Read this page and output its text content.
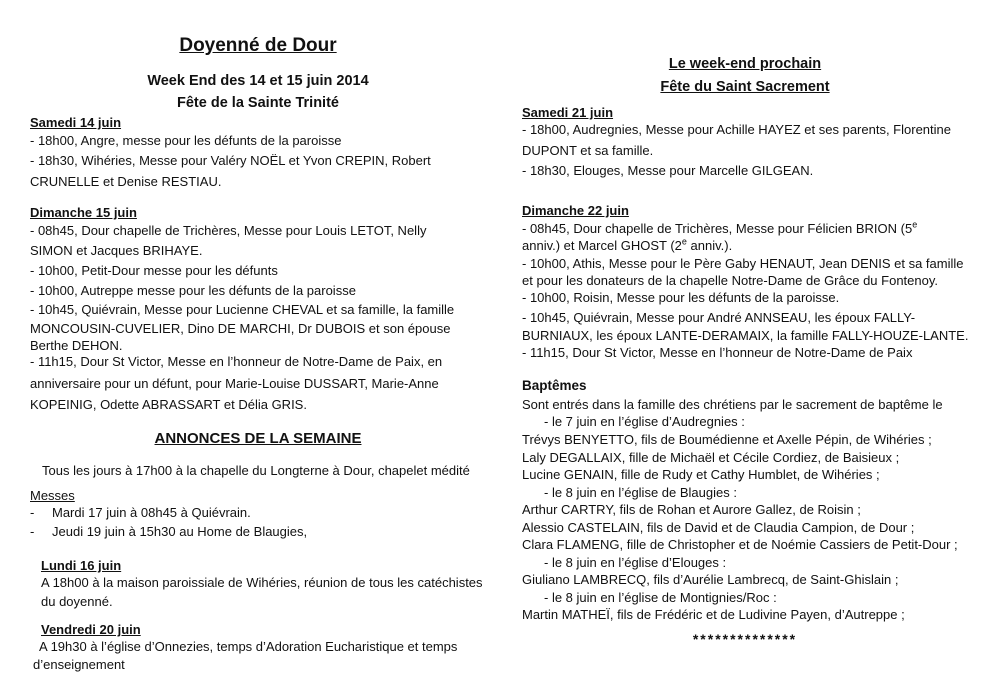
Doyenné de Dour
Week End des 14 et 15 juin 2014
Fête de la Sainte Trinité
Samedi 14 juin
- 18h00, Angre, messe pour les défunts de la paroisse
- 18h30, Wihéries, Messe pour Valéry NOËL et Yvon CREPIN, Robert
CRUNELLE et Denise RESTIAU.
Dimanche 15 juin
- 08h45, Dour chapelle de Trichères, Messe pour Louis LETOT, Nelly
SIMON et Jacques BRIHAYE.
- 10h00, Petit-Dour messe pour les défunts
- 10h00, Autreppe messe pour les défunts de la paroisse
- 10h45, Quiévrain, Messe pour Lucienne CHEVAL et sa famille, la famille
MONCOUSIN-CUVELIER, Dino DE MARCHI, Dr DUBOIS et son épouse
Berthe DEHON.
- 11h15, Dour St Victor, Messe en l’honneur de Notre-Dame de Paix, en
anniversaire pour un défunt, pour Marie-Louise DUSSART, Marie-Anne
KOPEINIG, Odette ABRASSART et Délia GRIS.
ANNONCES DE LA SEMAINE
Tous les jours à 17h00 à la chapelle du Longterne à Dour, chapelet médité
Messes
- Mardi 17 juin à 08h45 à Quiévrain.
- Jeudi 19 juin à 15h30 au Home de Blaugies,
Lundi 16 juin
A 18h00 à la maison paroissiale de Wihéries, réunion de tous les catéchistes
du doyenné.
Vendredi 20 juin
A 19h30 à l’église d’Onnezies, temps d’Adoration Eucharistique et temps
d’enseignement
Le week-end prochain
Fête du Saint Sacrement
Samedi 21 juin
- 18h00, Audregnies, Messe pour Achille HAYEZ et ses parents, Florentine
DUPONT et sa famille.
- 18h30, Elouges, Messe pour Marcelle GILGEAN.
Dimanche 22 juin
- 08h45, Dour chapelle de Trichères, Messe pour Félicien BRION (5e
anniv.) et Marcel GHOST (2e anniv.).
- 10h00, Athis, Messe pour le Père Gaby HENAUT, Jean DENIS et sa famille
et pour les donateurs de la chapelle Notre-Dame de Grâce du Fontenoy.
- 10h00, Roisin, Messe pour les défunts de la paroisse.
- 10h45, Quiévrain, Messe pour André ANNSEAU, les époux FALLY-
BURNIAUX, les époux LANTE-DERAMAIX, la famille FALLY-HOUZE-LANTE.
- 11h15, Dour St Victor, Messe en l’honneur de Notre-Dame de Paix
Baptêmes
Sont entrés dans la famille des chrétiens par le sacrement de baptême le
- le 7 juin en l’église d’Audregnies :
Trévys BENYETTO, fils de Boumédienne et Axelle Pépin, de Wihéries ;
Laly DEGALLAIX, fille de Michaël et Cécile Cordiez, de Baisieux ;
Lucine GENAIN, fille de Rudy et Cathy Humblet, de Wihéries ;
- le 8 juin en l’église de Blaugies :
Arthur CARTRY, fils de Rohan et Aurore Gallez, de Roisin ;
Alessio CASTELAIN, fils de David et de Claudia Campion, de Dour ;
Clara FLAMENG, fille de Christopher et de Noémie Cassiers de Petit-Dour ;
- le 8 juin en l’église d’Elouges :
Giuliano LAMBRECQ, fils d’Aurélie Lambrecq, de Saint-Ghislain ;
- le 8 juin en l’église de Montignies/Roc :
Martin MATHEÏ, fils de Frédéric et de Ludivine Payen, d’Autreppe ;
**************
